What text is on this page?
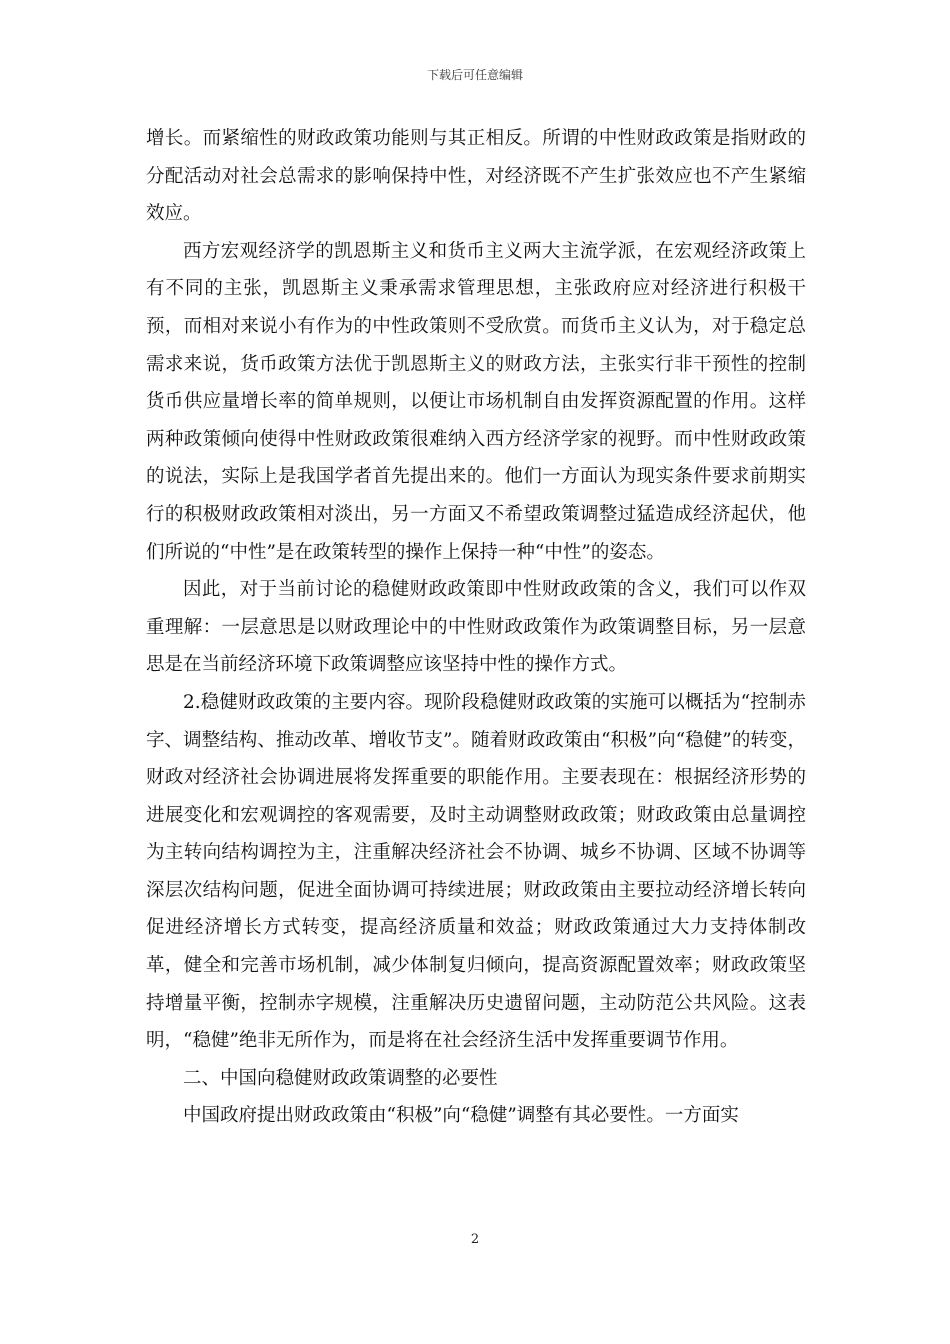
下载后可任意编辑

增长。而紧缩性的财政政策功能则与其正相反。所谓的中性财政政策是指财政的分配活动对社会总需求的影响保持中性，对经济既不产生扩张效应也不产生紧缩效应。

西方宏观经济学的凯恩斯主义和货币主义两大主流学派，在宏观经济政策上有不同的主张，凯恩斯主义秉承需求管理思想，主张政府应对经济进行积极干预，而相对来说小有作为的中性政策则不受欣赏。而货币主义认为，对于稳定总需求来说，货币政策方法优于凯恩斯主义的财政方法，主张实行非干预性的控制货币供应量增长率的简单规则，以便让市场机制自由发挥资源配置的作用。这样两种政策倾向使得中性财政政策很难纳入西方经济学家的视野。而中性财政政策的说法，实际上是我国学者首先提出来的。他们一方面认为现实条件要求前期实行的积极财政政策相对淡出，另一方面又不希望政策调整过猛造成经济起伏，他们所说的“中性”是在政策转型的操作上保持一种“中性”的姿态。

因此，对于当前讨论的稳健财政政策即中性财政政策的含义，我们可以作双重理解：一层意思是以财政理论中的中性财政政策作为政策调整目标，另一层意思是在当前经济环境下政策调整应该坚持中性的操作方式。

2.稳健财政政策的主要内容。现阶段稳健财政政策的实施可以概括为“控制赤字、调整结构、推动改革、增收节支”。随着财政政策由“积极”向“稳健”的转变，财政对经济社会协调进展将发挥重要的职能作用。主要表现在：根据经济形势的进展变化和宏观调控的客观需要，及时主动调整财政政策；财政政策由总量调控为主转向结构调控为主，注重解决经济社会不协调、城乡不协调、区域不协调等深层次结构问题，促进全面协调可持续进展；财政政策由主要拉动经济增长转向促进经济增长方式转变，提高经济质量和效益；财政政策通过大力支持体制改革，健全和完善市场机制，减少体制复归倾向，提高资源配置效率；财政政策坚持增量平衡，控制赤字规模，注重解决历史遗留问题，主动防范公共风险。这表明，“稳健”绝非无所作为，而是将在社会经济生活中发挥重要调节作用。

二、中国向稳健财政政策调整的必要性

中国政府提出财政政策由“积极”向“稳健”调整有其必要性。一方面实

2
